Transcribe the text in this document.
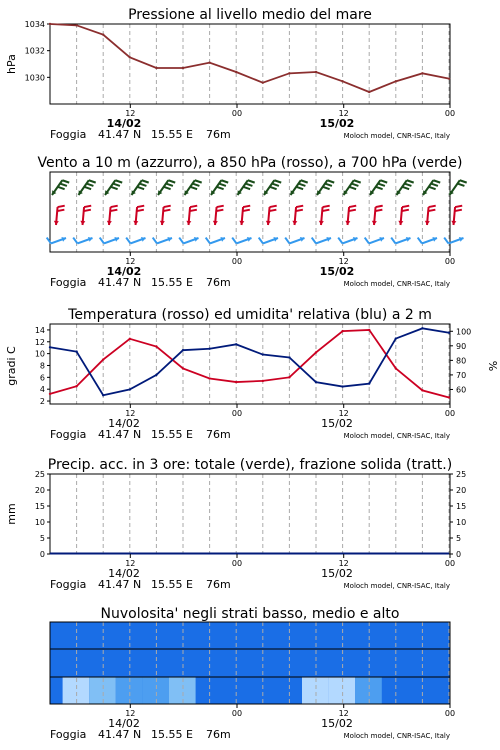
Pressione al livello medio del mare
hPa
1030
1032
1034
12	00	12	00
14/02	15/02
Foggia 41.47 N 15.55 E 76m	Moloch model, CNR-ISAC, Italy
Vento a 10 m (azzurro), a 850 hPa (rosso), a 700 hPa (verde)
12	00	12	00
14/02	15/02
Foggia 41.47 N 15.55 E 76m	Moloch model, CNR-ISAC, Italy
Temperatura (rosso) ed umidita' relativa (blu) a 2 m
gradi C	%
2
4
6
8
10
12
14
60
70
80
90
100
12	00	12	00
14/02	15/02
Foggia 41.47 N 15.55 E 76m	Moloch model, CNR-ISAC, Italy
Precip. acc. in 3 ore: totale (verde), frazione solida (tratt.)
mm
0	0
5	5
10	10
15	15
20	20
25	25
12	00	12	00
14/02	15/02
Foggia 41.47 N 15.55 E 76m	Moloch model, CNR-ISAC, Italy
Nuvolosita' negli strati basso, medio e alto
12	00	12	00
14/02	15/02
Foggia 41.47 N 15.55 E 76m	Moloch model, CNR-ISAC, Italy
